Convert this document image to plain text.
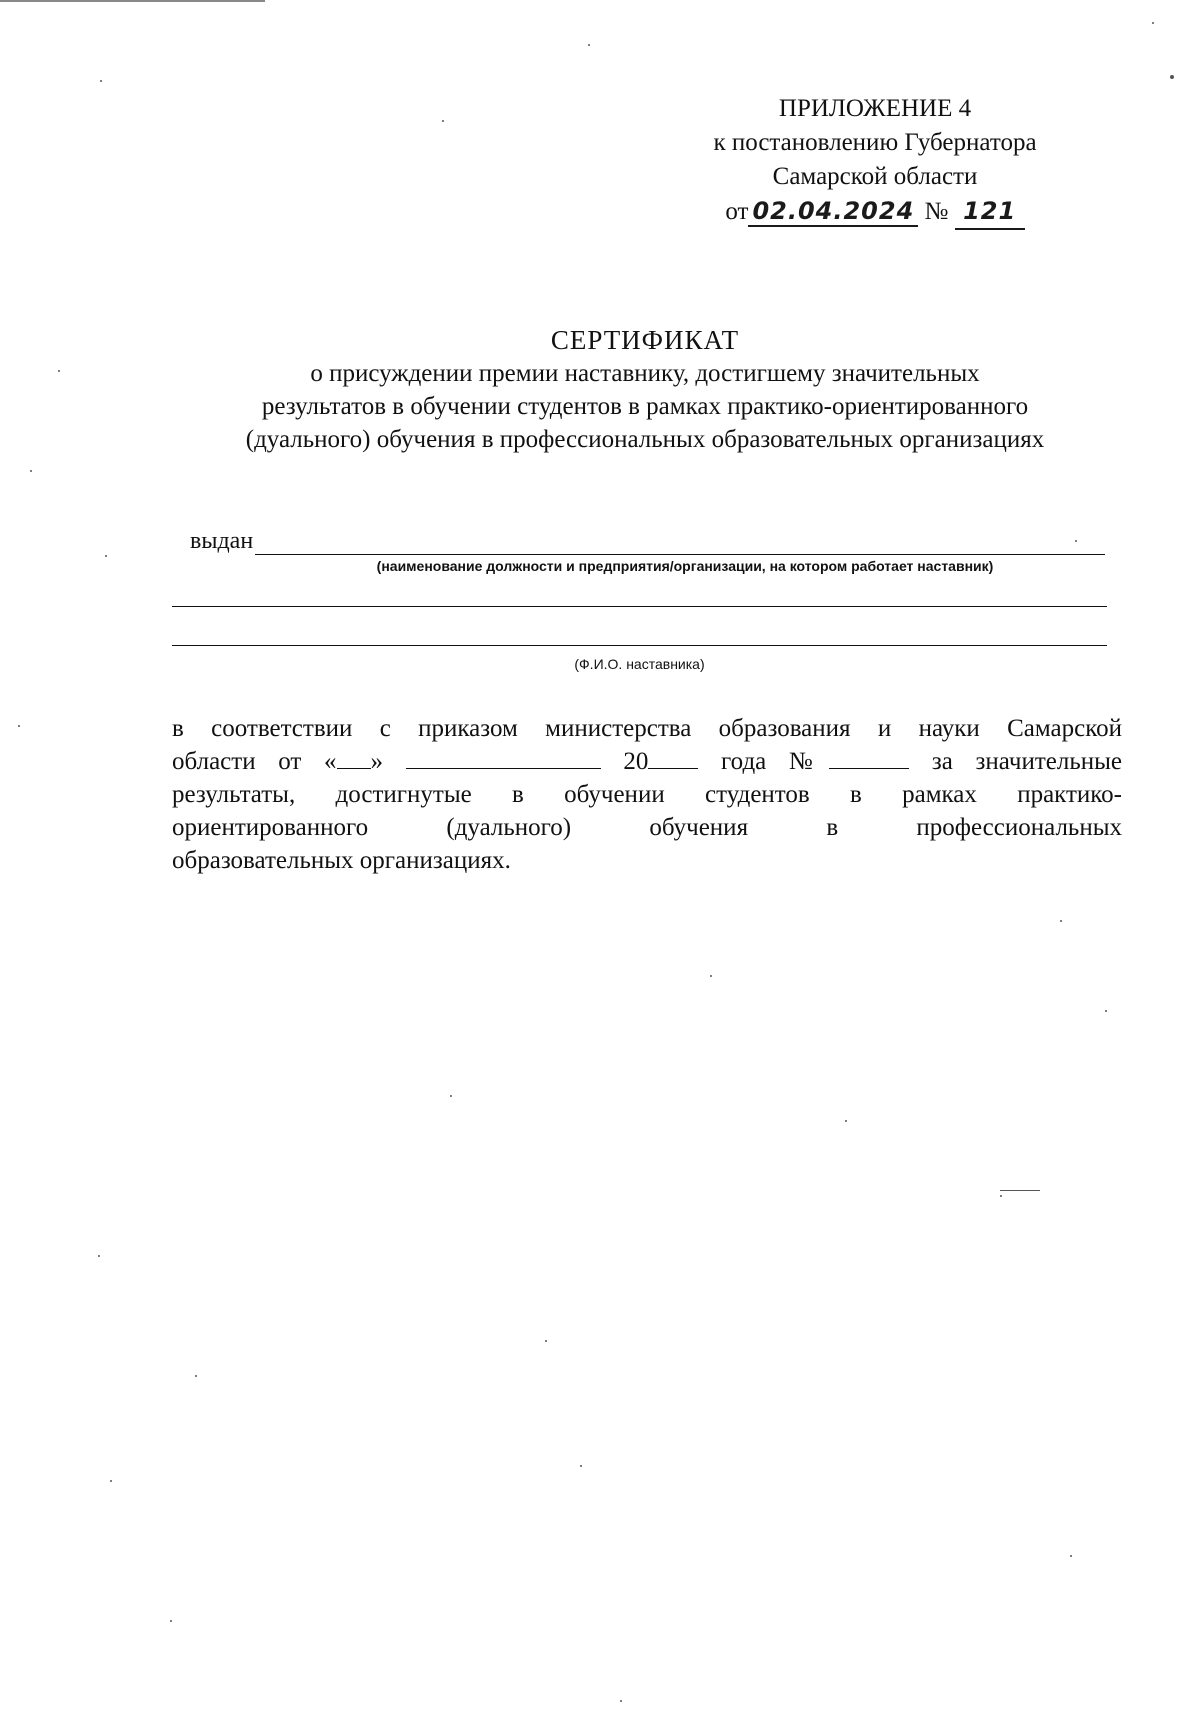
ПРИЛОЖЕНИЕ 4
к постановлению Губернатора
Самарской области
от 02.04.2024 № 121
СЕРТИФИКАТ
о присуждении премии наставнику, достигшему значительных
результатов в обучении студентов в рамках практико-ориентированного
(дуального) обучения в профессиональных образовательных организациях
выдан
(наименование должности и предприятия/организации, на котором работает наставник)
(Ф.И.О. наставника)
в соответствии с приказом министерства образования и науки Самарской
области от « »	20	года №	за значительные
результаты, достигнутые в обучении студентов в рамках практико-
ориентированного (дуального) обучения в профессиональных
образовательных организациях.
